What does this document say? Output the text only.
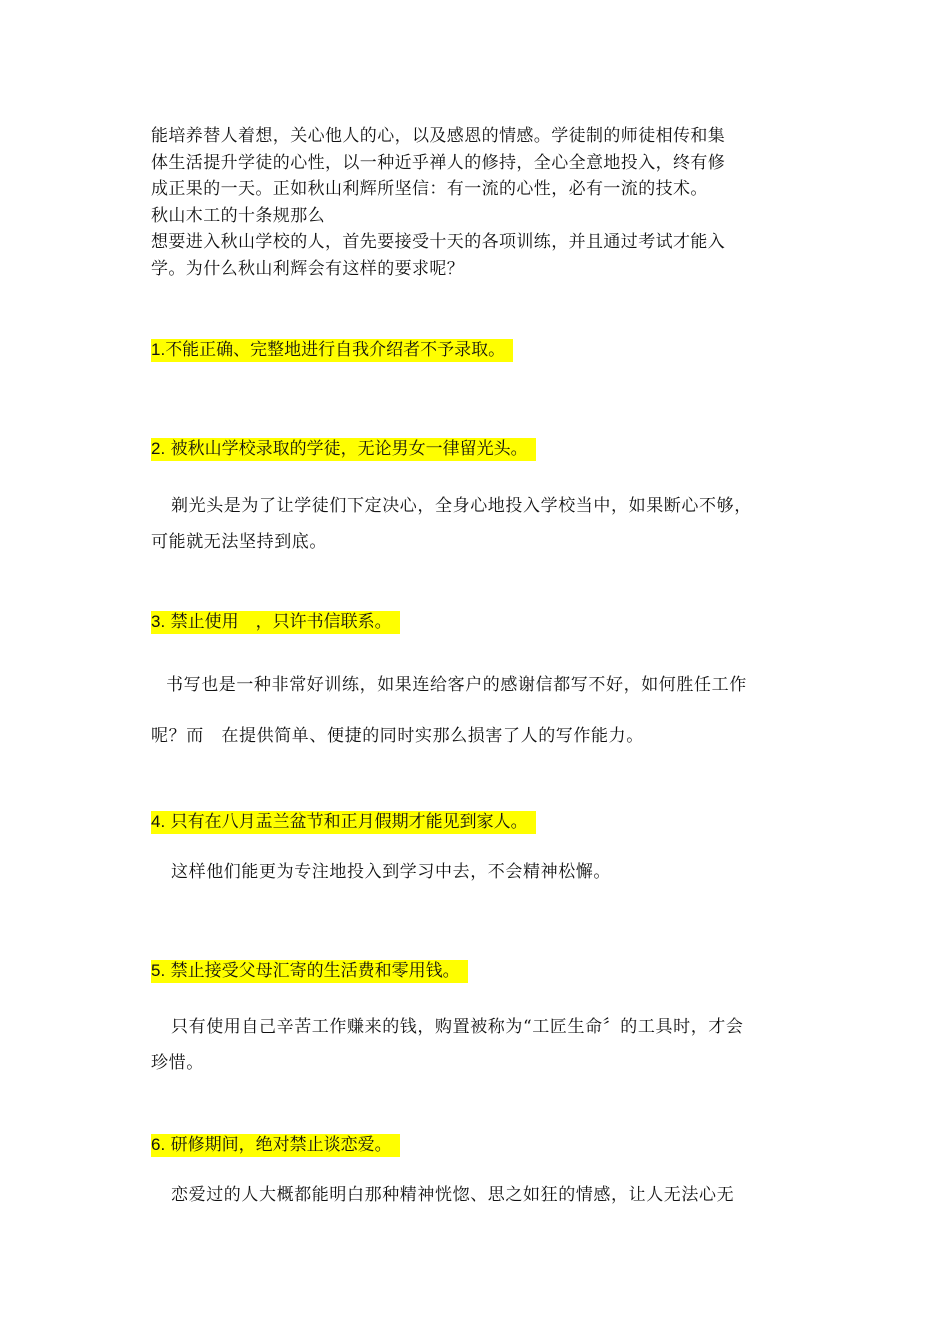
能培养替人着想，关心他人的心，以及感恩的情感。学徒制的师徒相传和集

体生活提升学徒的心性，以一种近乎禅人的修持，全心全意地投入，终有修

成正果的一天。正如秋山利辉所坚信：有一流的心性，必有一流的技术。

秋山木工的十条规那么

想要进入秋山学校的人，首先要接受十天的各项训练，并且通过考试才能入

学。为什么秋山利辉会有这样的要求呢？

1.不能正确、完整地进行自我介绍者不予录取。
2. 被秋山学校录取的学徒，无论男女一律留光头。

剃光头是为了让学徒们下定决心，全身心地投入学校当中，如果断心不够，

可能就无法坚持到底。

3. 禁止使用　，只许书信联系。

书写也是一种非常好训练，如果连给客户的感谢信都写不好，如何胜任工作

呢？而　在提供简单、便捷的同时实那么损害了人的写作能力。

4. 只有在八月盂兰盆节和正月假期才能见到家人。

这样他们能更为专注地投入到学习中去，不会精神松懈。

5. 禁止接受父母汇寄的生活费和零用钱。

只有使用自己辛苦工作赚来的钱，购置被称为“工匠生命〞的工具时，才会

珍惜。

6. 研修期间，绝对禁止谈恋爱。

恋爱过的人大概都能明白那种精神恍惚、思之如狂的情感，让人无法心无
